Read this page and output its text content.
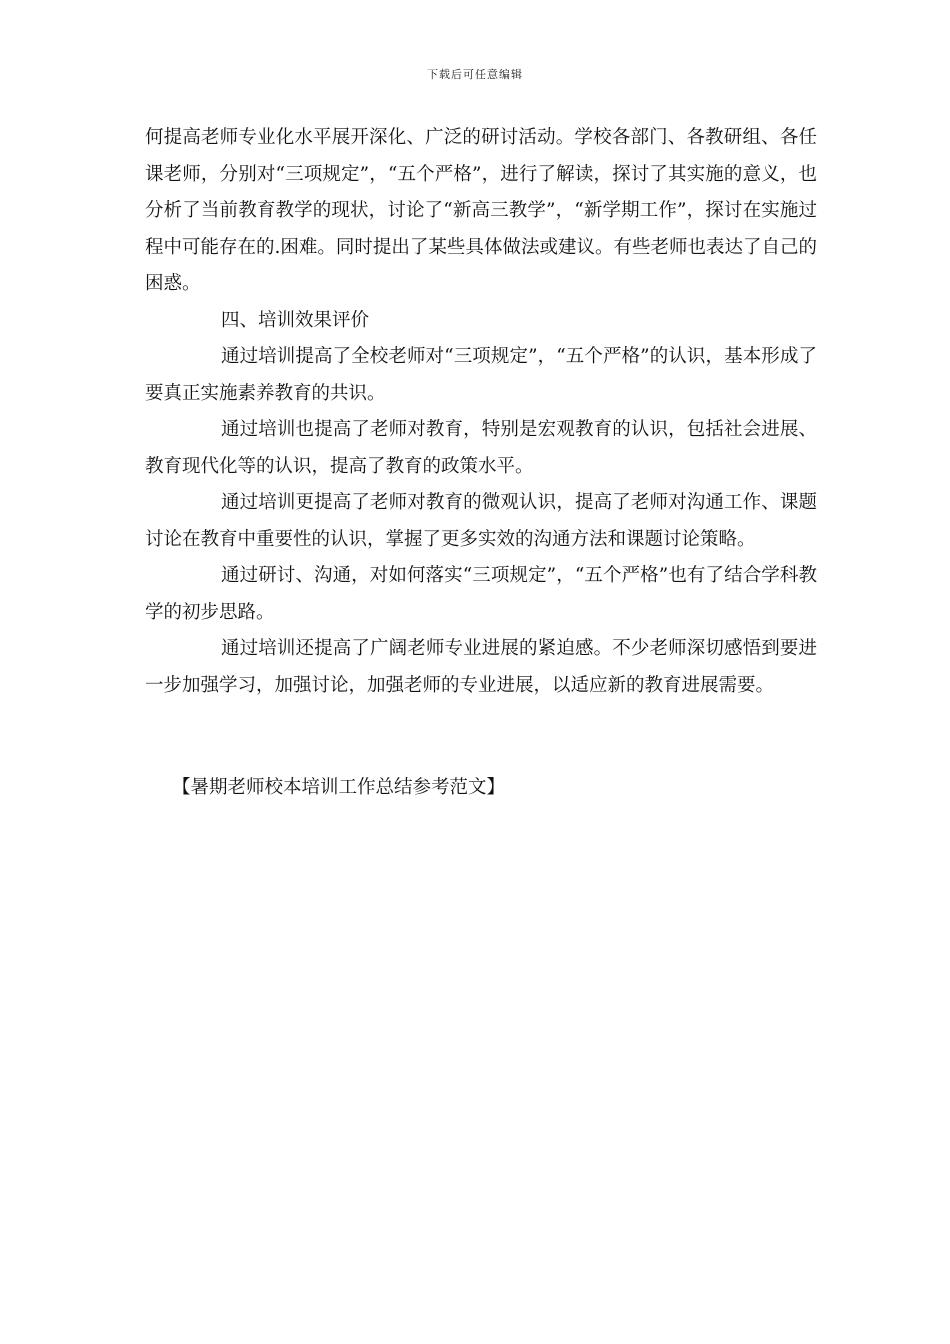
下载后可任意编辑

何提高老师专业化水平展开深化、广泛的研讨活动。学校各部门、各教研组、各任课老师，分别对“三项规定”，“五个严格”，进行了解读，探讨了其实施的意义，也分析了当前教育教学的现状，讨论了“新高三教学”，“新学期工作”，探讨在实施过程中可能存在的.困难。同时提出了某些具体做法或建议。有些老师也表达了自己的困惑。

四、培训效果评价

通过培训提高了全校老师对“三项规定”，“五个严格”的认识，基本形成了要真正实施素养教育的共识。

通过培训也提高了老师对教育，特别是宏观教育的认识，包括社会进展、教育现代化等的认识，提高了教育的政策水平。

通过培训更提高了老师对教育的微观认识，提高了老师对沟通工作、课题讨论在教育中重要性的认识，掌握了更多实效的沟通方法和课题讨论策略。

通过研讨、沟通，对如何落实“三项规定”，“五个严格”也有了结合学科教学的初步思路。

通过培训还提高了广阔老师专业进展的紧迫感。不少老师深切感悟到要进一步加强学习，加强讨论，加强老师的专业进展，以适应新的教育进展需要。

【暑期老师校本培训工作总结参考范文】
